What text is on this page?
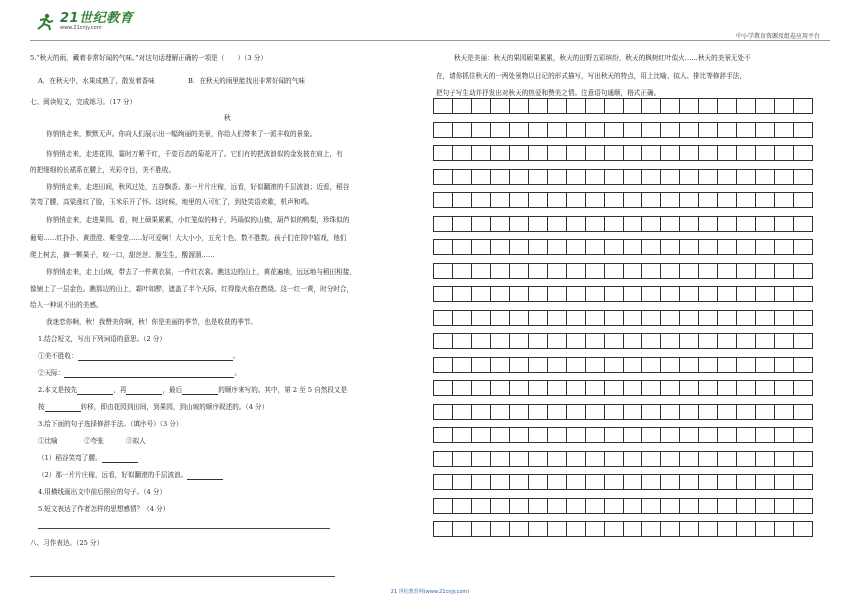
21世纪教育
www.21cnjy.com
中小学教育资源及组卷应用平台
5.“秋天的雨，藏着非常好闻的气味。”对这句话理解正确的一项是（　　）（3 分）
A．在秋天中，水果成熟了，散发着香味	B．在秋天的雨里能找出非常好闻的气味
七、阅读短文，完成练习。（17 分）
秋
你悄悄走来，默默无声。你向人们展示出一幅绚丽的美景，你给人们带来了一派丰收的景象。
你悄悄走来，走进花园，霎时万紫千红，千姿百态的菊花开了。它们有的把波浪似的金发披在肩上，有
的把细细的长裙系在腰上，光彩夺目，美不胜收。
你悄悄走来，走进田间，秋风过处，五谷飘香。那一片片庄稼，远看，好似翻滚的千层波浪；近看，稻谷
笑弯了腰，高粱涨红了脸，玉米乐开了怀。这时候，地里的人可忙了，到处笑语欢歌，机声和鸣。
你悄悄走来，走进果园。看，树上硕果累累，小红笼似的柿子，玛瑙似的山楂，葫芦似的鸭梨，珍珠似的
葡萄……红扑扑、黄澄澄、紫莹莹……好可爱啊！大大小小，五光十色，数不胜数。孩子们在园中嬉戏，他们
爬上树去，摘一颗果子，咬一口，甜丝丝、脆生生，酸溜溜……
你悄悄走来，走上山坡，带去了一件黄衣裳，一件红衣裳。瞧这边的山上，黄花遍地，远远地与稻田相接，
像铺上了一层金色。瞧那边的山上，霜叶如醉，遮盖了半个天际，红得像火焰在燃烧。这一红一黄，时分时合，
给人一种说不出的美感。
我迷恋你啊，秋！我赞美你啊，秋！你是美丽的季节，也是收获的季节。
1.结合短文，写出下列词语的意思。（2 分）
①美不胜收：	。
②天际：	。
2.本文是按先	，再	，最后	的顺序来写的。其中，第 2 至 5 自然段又是
按	转移，即由花园到田间，到果园，到山坡的顺序叙述的。（4 分）
3.给下面的句子选择修辞手法。（填序号）（3 分）
①比喻	②夸张	③拟人
（1）稻谷笑弯了腰。
（2）那一片片庄稼，远看，好似翻滚的千层波浪。
4.用横线画出文中前后照应的句子。（4 分）
5.短文表达了作者怎样的思想感情？（4 分）
八、习作表达。（25 分）
秋天是美丽：秋天的果园硕果累累，秋天的田野五彩缤纷，秋天的枫树红叶似火……秋天的美景无处不
在，请你抓住秋天的一两处景物以日记的形式描写，写出秋天的特点，用上比喻、拟人、排比等修辞手法，
把句子写生动并抒发出对秋天的热爱和赞美之情。注意语句通顺，格式正确。
21 世纪教育网(www.21cnjy.com)
